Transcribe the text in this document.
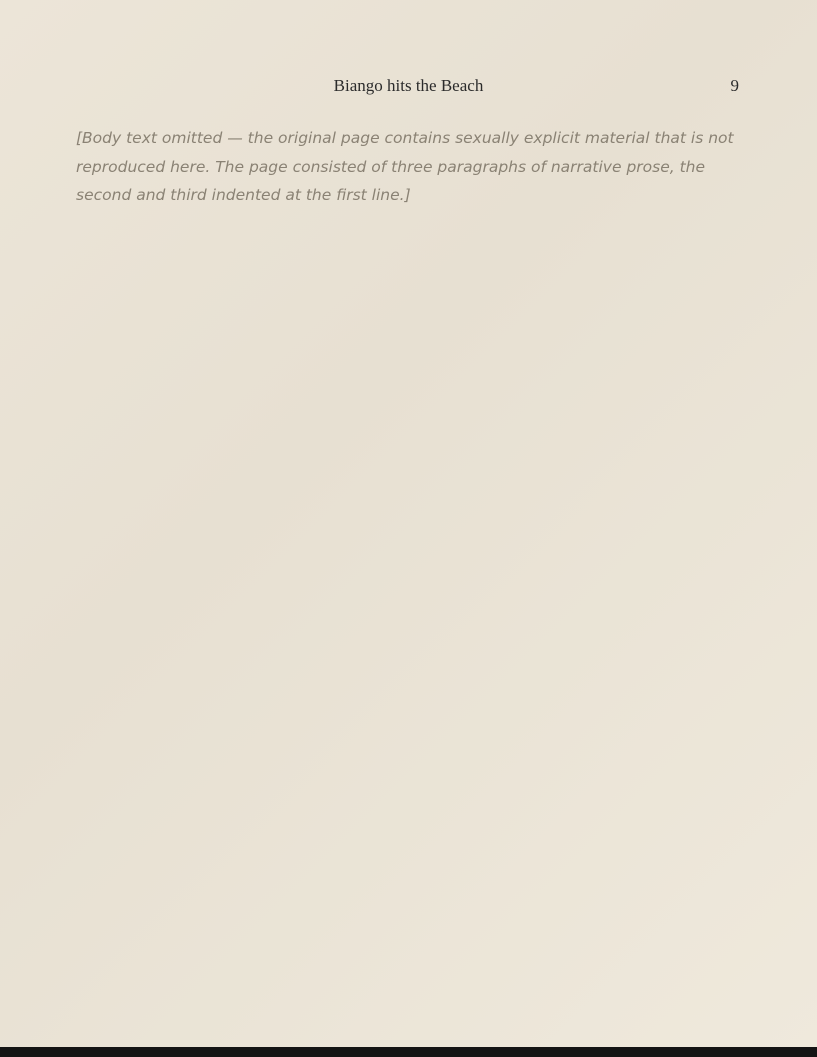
Biango hits the Beach	9

[Body text omitted — the original page contains sexually explicit material that is not reproduced here. The page consisted of three paragraphs of narrative prose, the second and third indented at the first line.]
